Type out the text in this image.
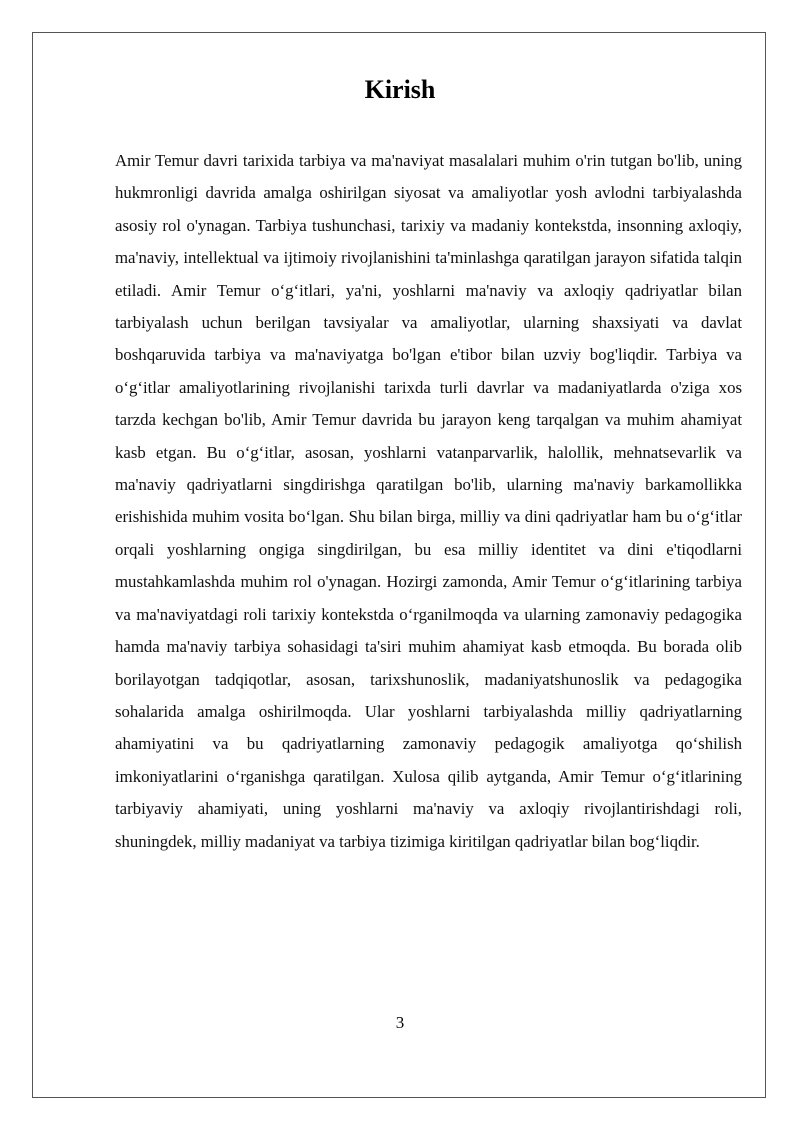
Kirish

Amir Temur davri tarixida tarbiya va ma'naviyat masalalari muhim o'rin tutgan bo'lib, uning hukmronligi davrida amalga oshirilgan siyosat va amaliyotlar yosh avlodni tarbiyalashda asosiy rol o'ynagan. Tarbiya tushunchasi, tarixiy va madaniy kontekstda, insonning axloqiy, ma'naviy, intellektual va ijtimoiy rivojlanishini ta'minlashga qaratilgan jarayon sifatida talqin etiladi. Amir Temur o‘g‘itlari, ya'ni, yoshlarni ma'naviy va axloqiy qadriyatlar bilan tarbiyalash uchun berilgan tavsiyalar va amaliyotlar, ularning shaxsiyati va davlat boshqaruvida tarbiya va ma'naviyatga bo'lgan e'tibor bilan uzviy bog'liqdir. Tarbiya va o‘g‘itlar amaliyotlarining rivojlanishi tarixda turli davrlar va madaniyatlarda o'ziga xos tarzda kechgan bo'lib, Amir Temur davrida bu jarayon keng tarqalgan va muhim ahamiyat kasb etgan. Bu o‘g‘itlar, asosan, yoshlarni vatanparvarlik, halollik, mehnatsevarlik va ma'naviy qadriyatlarni singdirishga qaratilgan bo'lib, ularning ma'naviy barkamollikka erishishida muhim vosita bo‘lgan. Shu bilan birga, milliy va dini qadriyatlar ham bu o‘g‘itlar orqali yoshlarning ongiga singdirilgan, bu esa milliy identitet va dini e'tiqodlarni mustahkamlashda muhim rol o'ynagan. Hozirgi zamonda, Amir Temur o‘g‘itlarining tarbiya va ma'naviyatdagi roli tarixiy kontekstda o‘rganilmoqda va ularning zamonaviy pedagogika hamda ma'naviy tarbiya sohasidagi ta'siri muhim ahamiyat kasb etmoqda. Bu borada olib borilayotgan tadqiqotlar, asosan, tarixshunoslik, madaniyatshunoslik va pedagogika sohalarida amalga oshirilmoqda. Ular yoshlarni tarbiyalashda milliy qadriyatlarning ahamiyatini va bu qadriyatlarning zamonaviy pedagogik amaliyotga qo‘shilish imkoniyatlarini o‘rganishga qaratilgan. Xulosa qilib aytganda, Amir Temur o‘g‘itlarining tarbiyaviy ahamiyati, uning yoshlarni ma'naviy va axloqiy rivojlantirishdagi roli, shuningdek, milliy madaniyat va tarbiya tizimiga kiritilgan qadriyatlar bilan bog‘liqdir.

3
